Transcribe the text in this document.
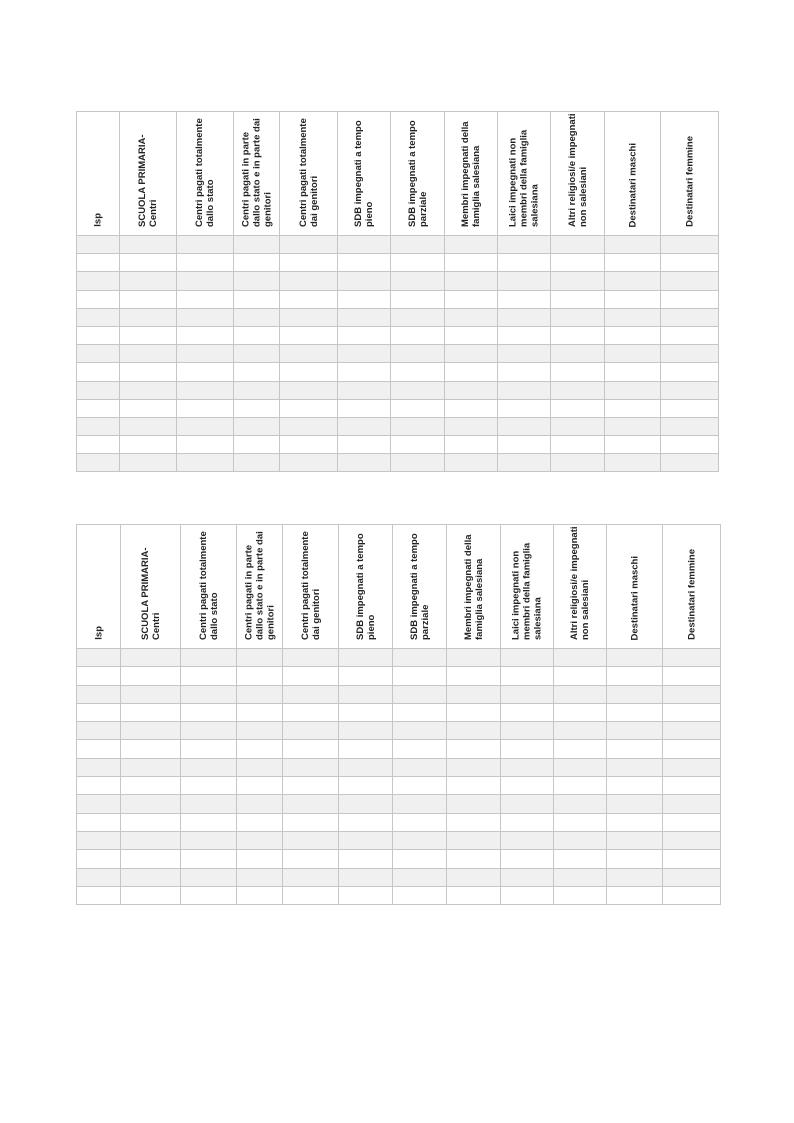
Isp	SCUOLA PRIMARIA- Centri	Centri pagati totalmente dallo stato	Centri pagati in parte dallo stato e in parte dai genitori	Centri pagati totalmente dai genitori	SDB impegnati a tempo pieno	SDB impegnati a tempo parziale	Membri impegnati della famiglia salesiana	Laici impegnati non membri della famiglia salesiana	Altri religiosi/e impegnati non salesiani	Destinatari maschi	Destinatari femmine

Isp	SCUOLA PRIMARIA- Centri	Centri pagati totalmente dallo stato	Centri pagati in parte dallo stato e in parte dai genitori	Centri pagati totalmente dai genitori	SDB impegnati a tempo pieno	SDB impegnati a tempo parziale	Membri impegnati della famiglia salesiana	Laici impegnati non membri della famiglia salesiana	Altri religiosi/e impegnati non salesiani	Destinatari maschi	Destinatari femmine
